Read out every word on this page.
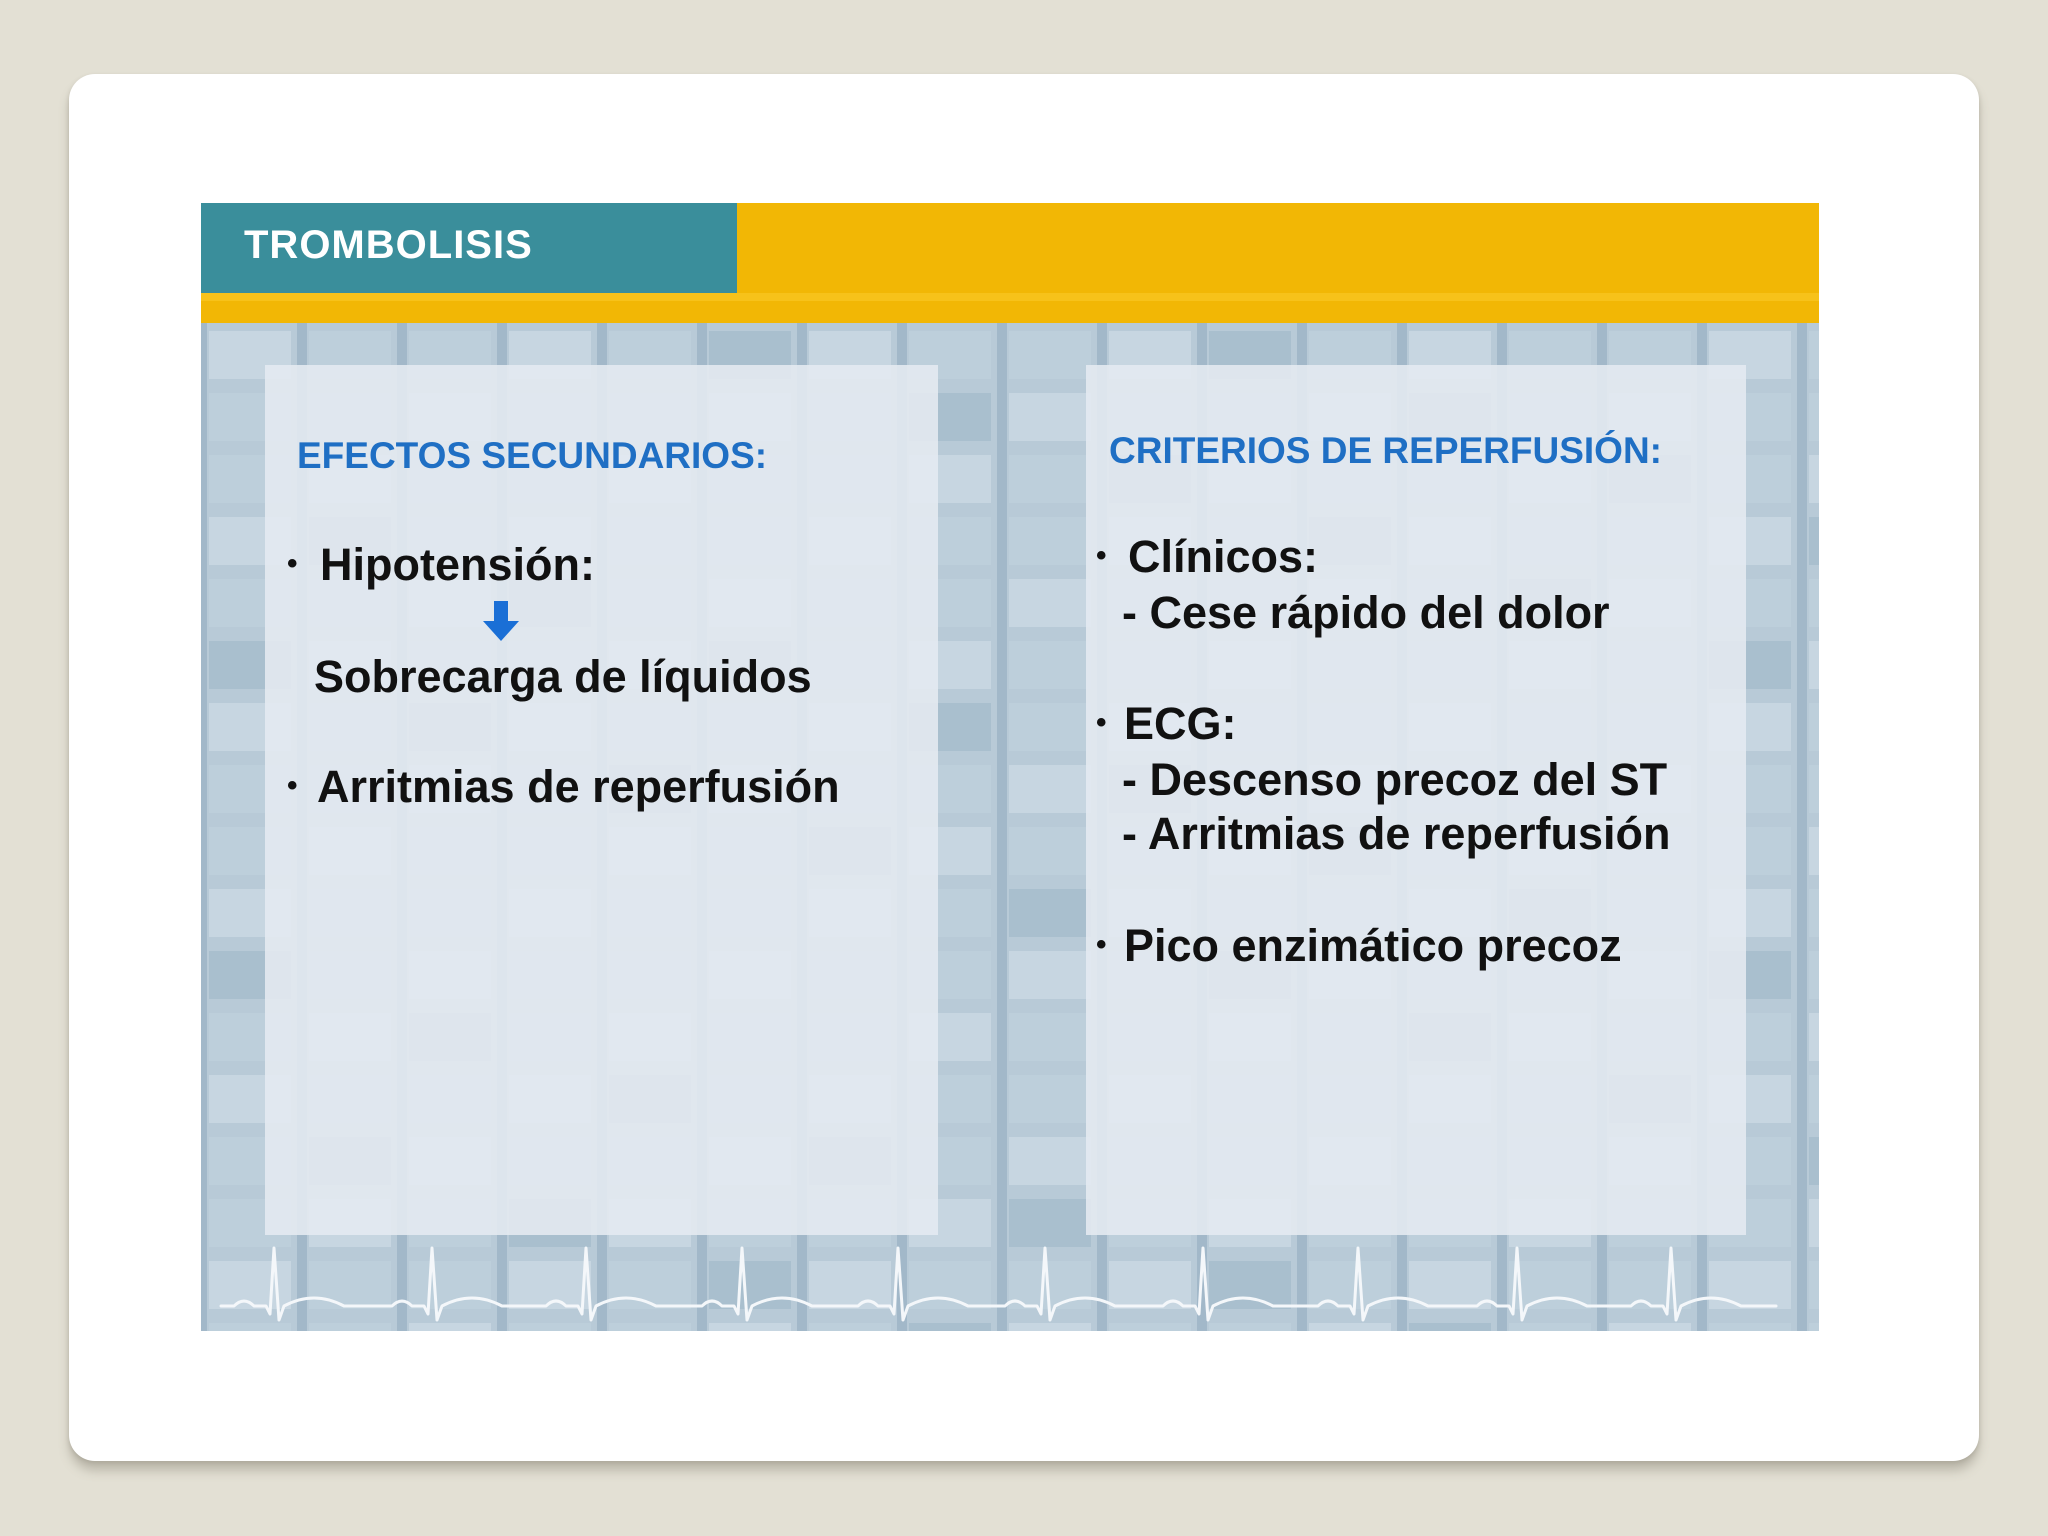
TROMBOLISIS
EFECTOS SECUNDARIOS:
• Hipotensión:
Sobrecarga de líquidos
• Arritmias de reperfusión
CRITERIOS DE REPERFUSIÓN:
• Clínicos:
- Cese rápido del dolor
• ECG:
- Descenso precoz del ST
- Arritmias de reperfusión
• Pico enzimático precoz
